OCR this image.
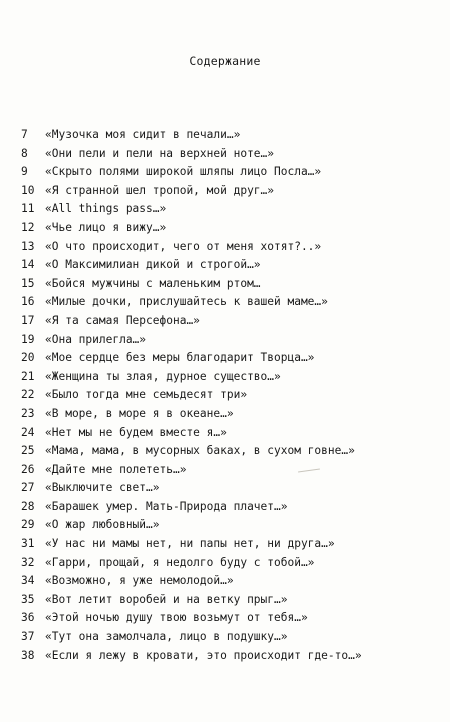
Содержание
7	«Музочка моя сидит в печали…»
8	«Они пели и пели на верхней ноте…»
9	«Скрыто полями широкой шляпы лицо Посла…»
10 «Я странной шел тропой, мой друг…»
11 «All things pass…»
12 «Чье лицо я вижу…»
13 «О что происходит, чего от меня хотят?..»
14 «О Максимилиан дикой и строгой…»
15 «Бойся мужчины с маленьким ртом…
16 «Милые дочки, прислушайтесь к вашей маме…»
17 «Я та самая Персефона…»
19 «Она прилегла…»
20 «Мое сердце без меры благодарит Творца…»
21 «Женщина ты злая, дурное существо…»
22 «Было тогда мне семьдесят три»
23 «В море, в море я в океане…»
24 «Нет мы не будем вместе я…»
25 «Мама, мама, в мусорных баках, в сухом говне…»
26 «Дайте мне полететь…»
27 «Выключите свет…»
28 «Барашек умер. Мать-Природа плачет…»
29 «О жар любовный…»
31 «У нас ни мамы нет, ни папы нет, ни друга…»
32 «Гарри, прощай, я недолго буду с тобой…»
34 «Возможно, я уже немолодой…»
35 «Вот летит воробей и на ветку прыг…»
36 «Этой ночью душу твою возьмут от тебя…»
37 «Тут она замолчала, лицо в подушку…»
38 «Если я лежу в кровати, это происходит где-то…»
